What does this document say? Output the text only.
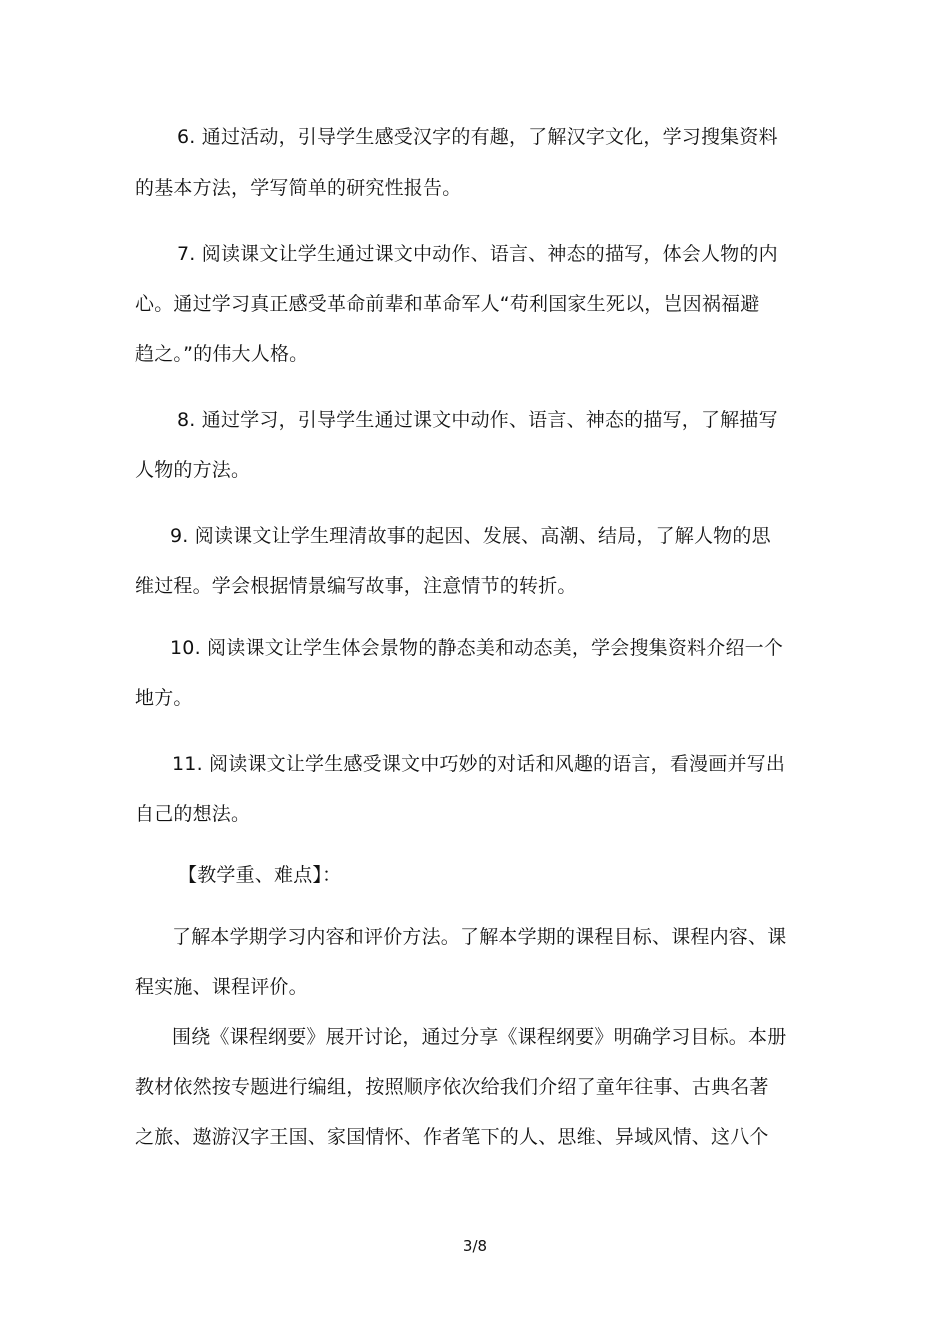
6. 通过活动，引导学生感受汉字的有趣，了解汉字文化，学习搜集资料
的基本方法，学写简单的研究性报告。
7. 阅读课文让学生通过课文中动作、语言、神态的描写，体会人物的内
心。通过学习真正感受革命前辈和革命军人“苟利国家生死以，岂因祸福避
趋之。”的伟大人格。
8. 通过学习，引导学生通过课文中动作、语言、神态的描写，了解描写
人物的方法。
9. 阅读课文让学生理清故事的起因、发展、高潮、结局，了解人物的思
维过程。学会根据情景编写故事，注意情节的转折。
10. 阅读课文让学生体会景物的静态美和动态美，学会搜集资料介绍一个
地方。
11. 阅读课文让学生感受课文中巧妙的对话和风趣的语言，看漫画并写出
自己的想法。
【教学重、难点】：
了解本学期学习内容和评价方法。了解本学期的课程目标、课程内容、课
程实施、课程评价。
围绕《课程纲要》展开讨论，通过分享《课程纲要》明确学习目标。本册
教材依然按专题进行编组，按照顺序依次给我们介绍了童年往事、古典名著
之旅、遨游汉字王国、家国情怀、作者笔下的人、思维、异域风情、这八个
3/8
